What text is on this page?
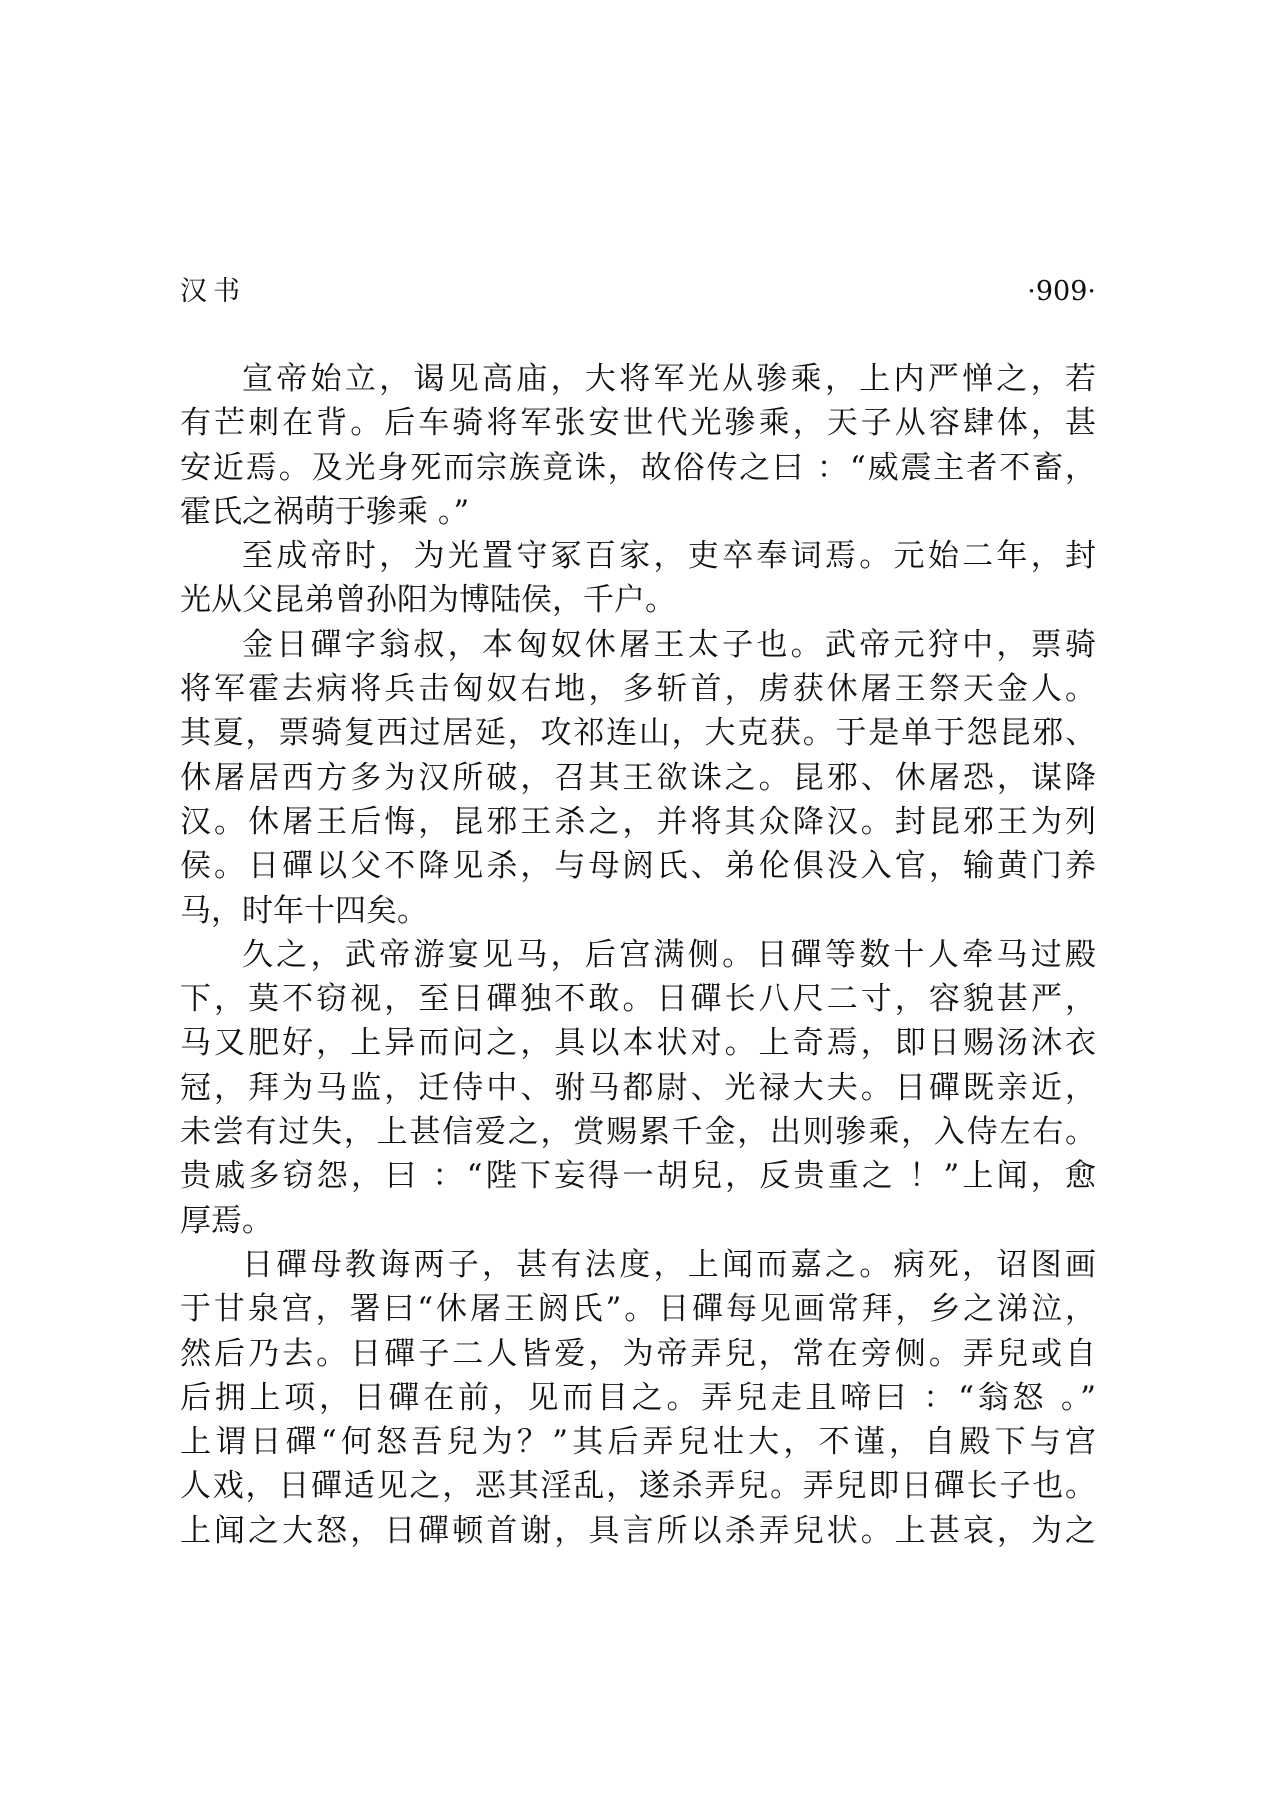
汉书	·909·
宣帝始立，谒见高庙，大将军光从骖乘，上内严惮之，若
有芒刺在背。后车骑将军张安世代光骖乘，天子从容肆体，甚
安近焉。及光身死而宗族竟诛，故俗传之曰 ：“威震主者不畜，
霍氏之祸萌于骖乘 。”
至成帝时，为光置守冢百家，吏卒奉词焉。元始二年，封
光从父昆弟曾孙阳为博陆侯，千户。
金日磾字翁叔，本匈奴休屠王太子也。武帝元狩中，票骑
将军霍去病将兵击匈奴右地，多斩首，虏获休屠王祭天金人。
其夏，票骑复西过居延，攻祁连山，大克获。于是单于怨昆邪、
休屠居西方多为汉所破，召其王欲诛之。昆邪、休屠恐，谋降
汉。休屠王后悔，昆邪王杀之，并将其众降汉。封昆邪王为列
侯。日磾以父不降见杀，与母阏氏、弟伦俱没入官，输黄门养
马，时年十四矣。
久之，武帝游宴见马，后宫满侧。日磾等数十人牵马过殿
下，莫不窃视，至日磾独不敢。日磾长八尺二寸，容貌甚严，
马又肥好，上异而问之，具以本状对。上奇焉，即日赐汤沐衣
冠，拜为马监，迁侍中、驸马都尉、光禄大夫。日磾既亲近，
未尝有过失，上甚信爱之，赏赐累千金，出则骖乘，入侍左右。
贵戚多窃怨，曰 ：“陛下妄得一胡兒，反贵重之 ！”上闻，愈
厚焉。
日磾母教诲两子，甚有法度，上闻而嘉之。病死，诏图画
于甘泉宫，署曰“休屠王阏氏”。日磾每见画常拜，乡之涕泣，
然后乃去。日磾子二人皆爱，为帝弄兒，常在旁侧。弄兒或自
后拥上项，日磾在前，见而目之。弄兒走且啼曰 ：“翁怒 。”
上谓日磾“何怒吾兒为？”其后弄兒壮大，不谨，自殿下与宫
人戏，日磾适见之，恶其淫乱，遂杀弄兒。弄兒即日磾长子也。
上闻之大怒，日磾顿首谢，具言所以杀弄兒状。上甚哀，为之
